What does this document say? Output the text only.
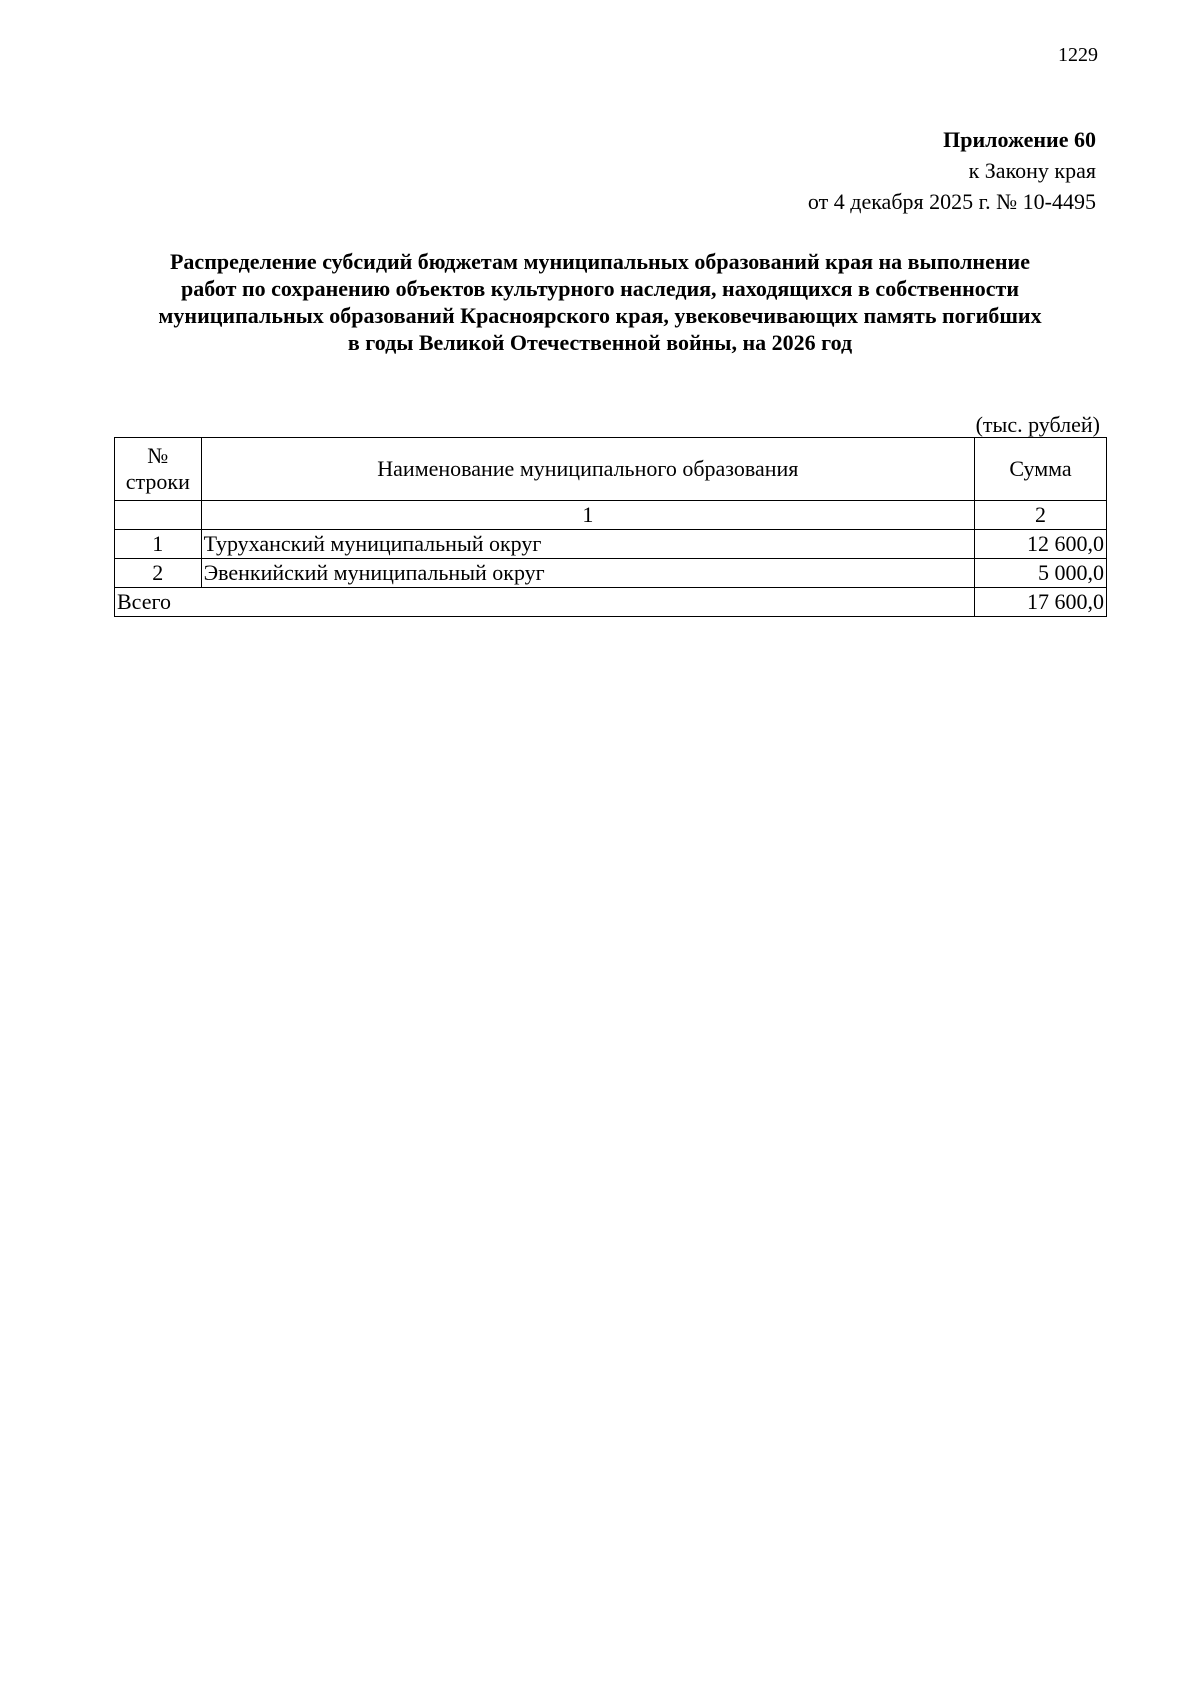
1229
Приложение 60
к Закону края
от 4 декабря 2025 г. № 10-4495
Распределение субсидий бюджетам муниципальных образований края на выполнение
работ по сохранению объектов культурного наследия, находящихся в собственности
муниципальных образований Красноярского края, увековечивающих память погибших
в годы Великой Отечественной войны, на 2026 год
(тыс. рублей)
№
строки	Наименование муниципального образования	Сумма
	1	2
1	Туруханский муниципальный округ	12 600,0
2	Эвенкийский муниципальный округ	5 000,0
Всего		17 600,0
